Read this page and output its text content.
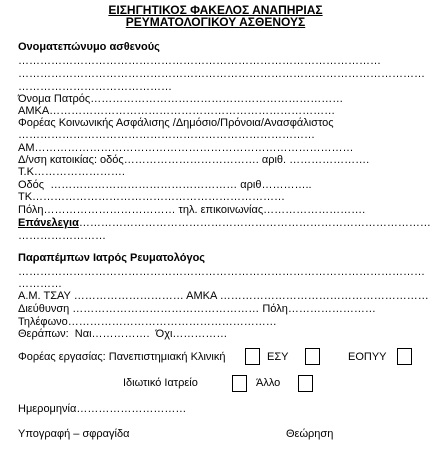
ΕΙΣΗΓΗΤΙΚΟΣ ΦΑΚΕΛΟΣ ΑΝΑΠΗΡΙΑΣ
ΡΕΥΜΑΤΟΛΟΓΙΚΟΥ ΑΣΘΕΝΟΥΣ
Ονοματεπώνυμο ασθενούς
………………………………………………………………………………………
…………………………………………………………………………………………………
……………………………………
Όνομα Πατρός……………………………………………………………
ΑΜΚΑ……………………………………………………………………
Φορέας Κοινωνικής Ασφάλισης /Δημόσιο/Πρόνοια/Ανασφάλιστος
………………………………………………………………………
ΑΜ……………………………………………………………………………
Δ/νση κατοικίας: οδός………………………………. αριθ. ………………….
Τ.Κ…………………….
Οδός  …………………………………………… αριθ…………..
ΤΚ……………………………………………………………
Πόλη……………………………… τηλ. επικοινωνίας……………………….
Επάνελεγια……………………………………………………………………………………
……………………
Παραπέμπων Ιατρός Ρευματολόγος
…………………………………………………………………………………………………
…………
Α.Μ. ΤΣΑΥ ………………………… ΑΜΚΑ …………………………………………………
Διεύθυνση …………………………………………… Πόλη……………………
Τηλέφωνο…………………………………………………
Θεράπων:  Ναι…………….  Όχι……………
Φορέας εργασίας: Πανεπιστημιακή Κλινική	ΕΣΥ	ΕΟΠΥΥ
Ιδιωτικό Ιατρείο	Άλλο
Ημερομηνία…………………………
Υπογραφή – σφραγίδα	Θεώρηση
